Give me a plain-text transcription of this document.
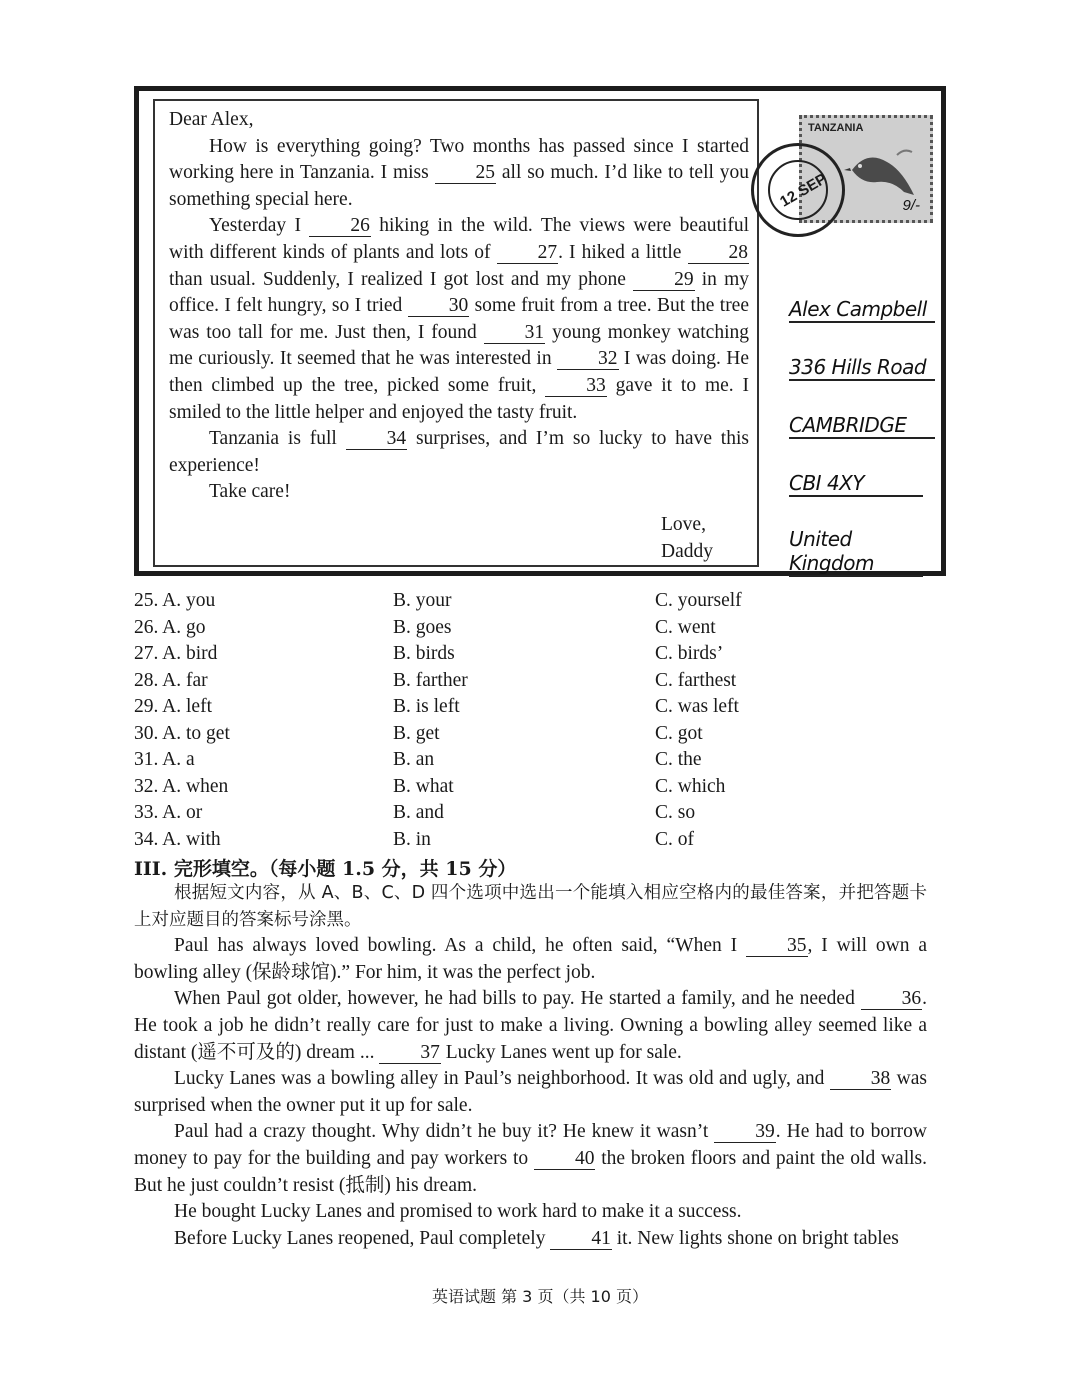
Dear Alex,

How is everything going? Two months has passed since I started working here in Tanzania. I miss 25 all so much. I’d like to tell you something special here.

Yesterday I 26 hiking in the wild. The views were beautiful with different kinds of plants and lots of 27. I hiked a little 28 than usual. Suddenly, I realized I got lost and my phone 29 in my office. I felt hungry, so I tried 30 some fruit from a tree. But the tree was too tall for me. Just then, I found 31 young monkey watching me curiously. It seemed that he was interested in 32 I was doing. He then climbed up the tree, picked some fruit, 33 gave it to me. I smiled to the little helper and enjoyed the tasty fruit.

Tanzania is full 34 surprises, and I’m so lucky to have this experience!

Take care!

Love,
Daddy
TANZANIA
9/-
12 SEP
Alex Campbell
336 Hills Road
CAMBRIDGE
CBI 4XY
United Kingdom
25. A. you	B. your	C. yourself
26. A. go	B. goes	C. went
27. A. bird	B. birds	C. birds’
28. A. far	B. farther	C. farthest
29. A. left	B. is left	C. was left
30. A. to get	B. get	C. got
31. A. a	B. an	C. the
32. A. when	B. what	C. which
33. A. or	B. and	C. so
34. A. with	B. in	C. of
III. 完形填空。（每小题 1.5 分，共 15 分）

根据短文内容，从 A、B、C、D 四个选项中选出一个能填入相应空格内的最佳答案，并把答题卡上对应题目的答案标号涂黑。

Paul has always loved bowling. As a child, he often said, “When I 35, I will own a bowling alley (保龄球馆).” For him, it was the perfect job.

When Paul got older, however, he had bills to pay. He started a family, and he needed 36. He took a job he didn’t really care for just to make a living. Owning a bowling alley seemed like a distant (遥不可及的) dream ... 37 Lucky Lanes went up for sale.

Lucky Lanes was a bowling alley in Paul’s neighborhood. It was old and ugly, and 38 was surprised when the owner put it up for sale.

Paul had a crazy thought. Why didn’t he buy it? He knew it wasn’t 39. He had to borrow money to pay for the building and pay workers to 40 the broken floors and paint the old walls. But he just couldn’t resist (抵制) his dream.

He bought Lucky Lanes and promised to work hard to make it a success.

Before Lucky Lanes reopened, Paul completely 41 it. New lights shone on bright tables

英语试题 第 3 页（共 10 页）
